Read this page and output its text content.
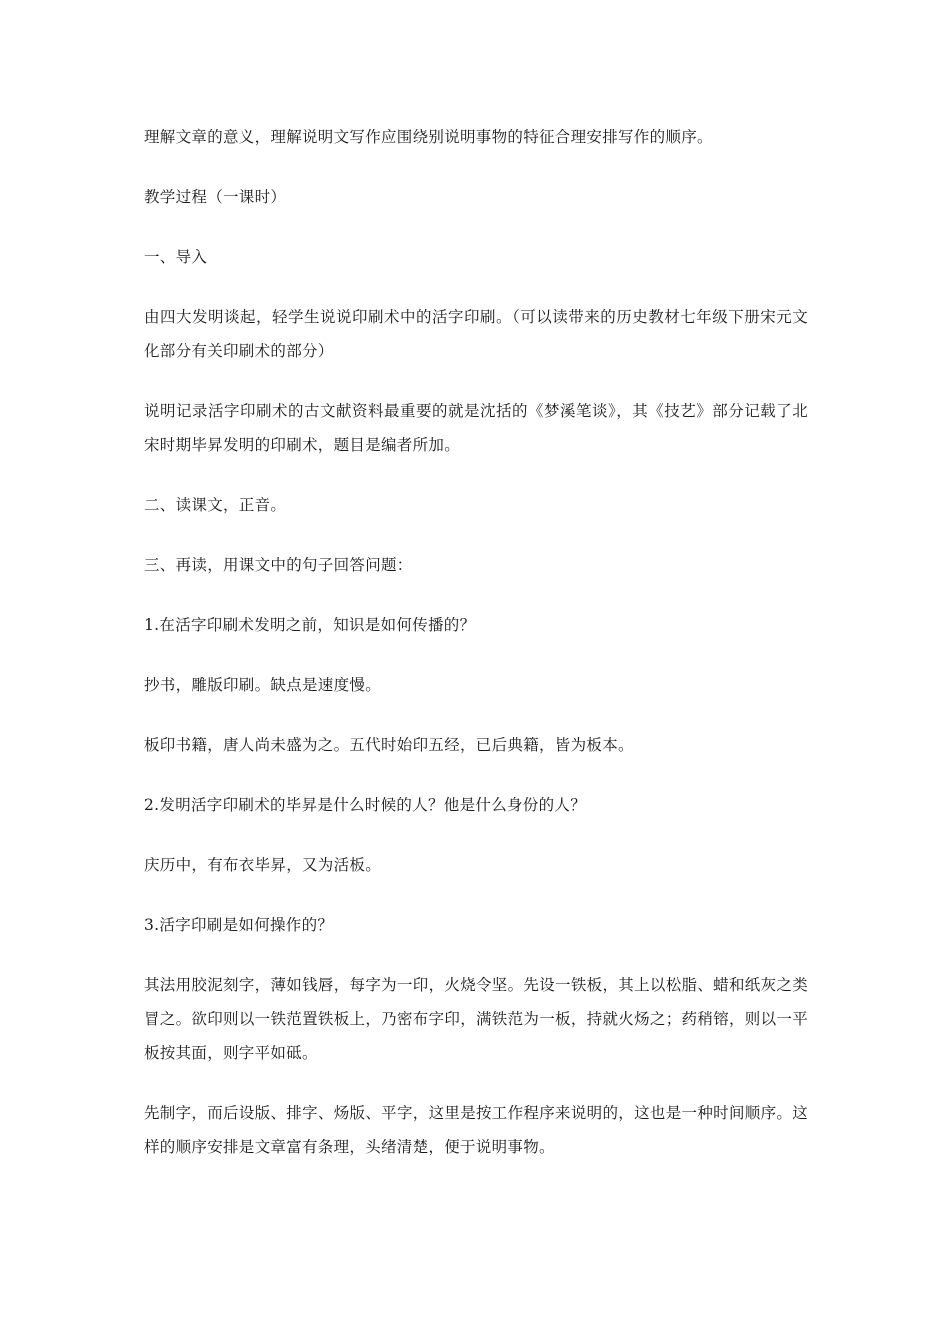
理解文章的意义，理解说明文写作应围绕别说明事物的特征合理安排写作的顺序。

教学过程（一课时）

一、导入

由四大发明谈起，轻学生说说印刷术中的活字印刷。（可以读带来的历史教材七年级下册宋元文化部分有关印刷术的部分）

说明记录活字印刷术的古文献资料最重要的就是沈括的《梦溪笔谈》，其《技艺》部分记载了北宋时期毕昇发明的印刷术，题目是编者所加。

二、读课文，正音。

三、再读，用课文中的句子回答问题：

1.在活字印刷术发明之前，知识是如何传播的？

抄书，雕版印刷。缺点是速度慢。

板印书籍，唐人尚未盛为之。五代时始印五经，已后典籍，皆为板本。

2.发明活字印刷术的毕昇是什么时候的人？他是什么身份的人？

庆历中，有布衣毕昇，又为活板。

3.活字印刷是如何操作的？

其法用胶泥刻字，薄如钱唇，每字为一印，火烧令坚。先设一铁板，其上以松脂、蜡和纸灰之类冒之。欲印则以一铁范置铁板上，乃密布字印，满铁范为一板，持就火炀之；药稍镕，则以一平板按其面，则字平如砥。

先制字，而后设版、排字、炀版、平字，这里是按工作程序来说明的，这也是一种时间顺序。这样的顺序安排是文章富有条理，头绪清楚，便于说明事物。
